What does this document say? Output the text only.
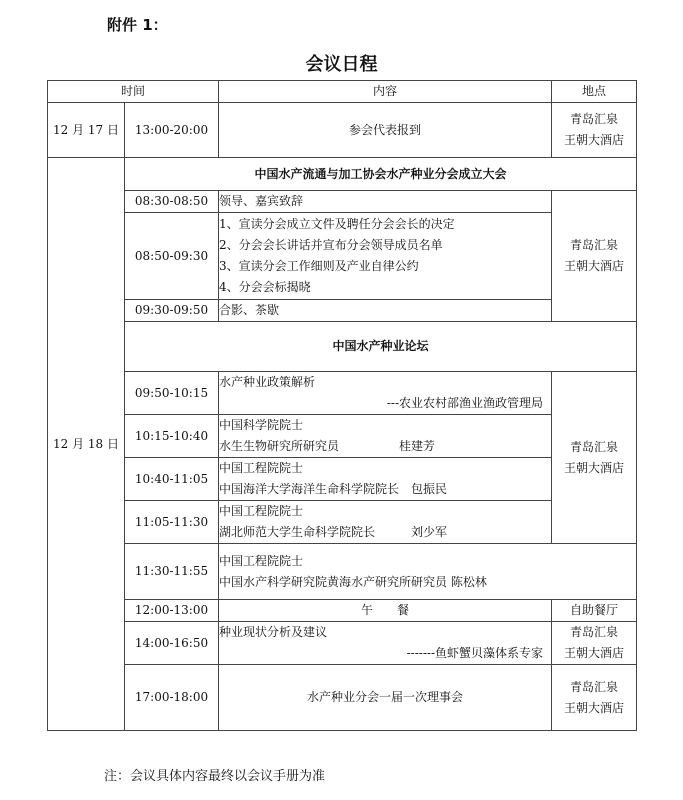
附件 1：
会议日程
时间		内容	地点
12 月 17 日	13:00-20:00	参会代表报到	青岛汇泉
王朝大酒店

12 月 18 日	中国水产流通与加工协会水产种业分会成立大会		
	08:30-08:50	领导、嘉宾致辞	青岛汇泉
王朝大酒店

	08:50-09:30	1、宣读分会成立文件及聘任分会会长的决定
2、分会会长讲话并宣布分会领导成员名单
3、宣读分会工作细则及产业自律公约
4、分会会标揭晓	

	09:30-09:50	合影、茶歇	
	中国水产种业论坛		
	09:50-10:15	水产种业政策解析
---农业农村部渔业渔政管理局	青岛汇泉
王朝大酒店

	10:15-10:40	中国科学院院士
水生生物研究所研究员　　　　　桂建芳	

	10:40-11:05	中国工程院院士
中国海洋大学海洋生命科学院院长　包振民	

	11:05-11:30	中国工程院院士
湖北师范大学生命科学院院长　　　刘少军	

	11:30-11:55	中国工程院院士
中国水产科学研究院黄海水产研究所研究员 陈松林	

	12:00-13:00	午　　餐	自助餐厅
	14:00-16:50	种业现状分析及建议
-------鱼虾蟹贝藻体系专家	青岛汇泉
王朝大酒店

	17:00-18:00	水产种业分会一届一次理事会	青岛汇泉
王朝大酒店
注：会议具体内容最终以会议手册为准
